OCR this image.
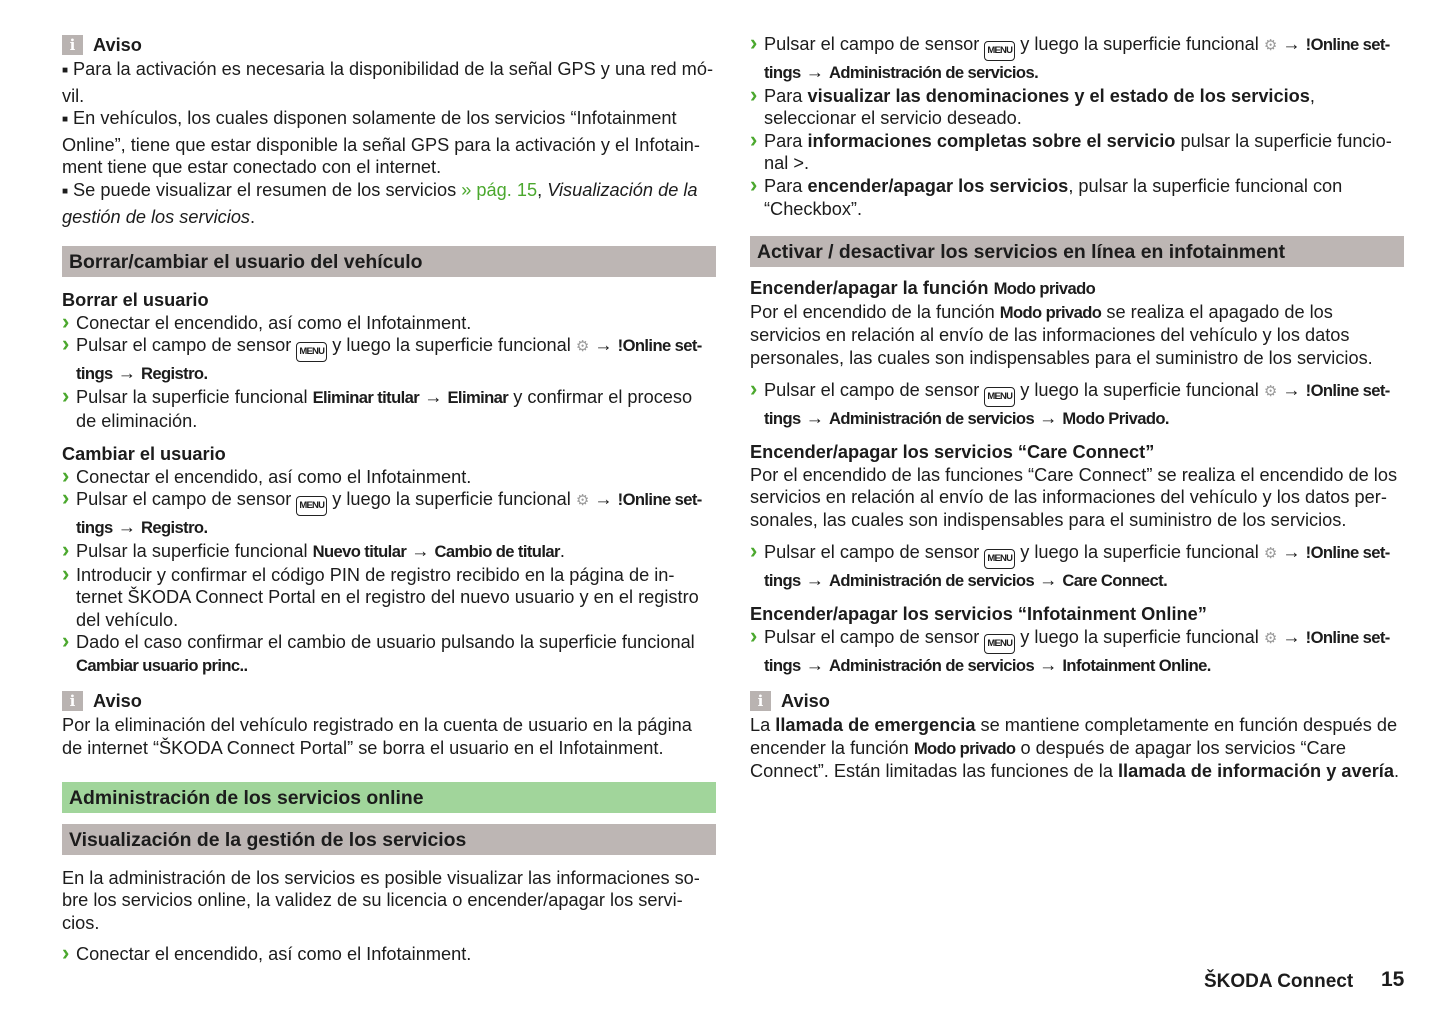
i Aviso

■ Para la activación es necesaria la disponibilidad de la señal GPS y una red mó-vil.

■ En vehículos, los cuales disponen solamente de los servicios “Infotainment Online”, tiene que estar disponible la señal GPS para la activación y el Infotain-ment tiene que estar conectado con el internet.

■ Se puede visualizar el resumen de los servicios » pág. 15, Visualización de la gestión de los servicios.

Borrar/cambiar el usuario del vehículo

Borrar el usuario

› Conectar el encendido, así como el Infotainment.

› Pulsar el campo de sensor MENU y luego la superficie funcional ⚙ → !Online set-tings → Registro.

› Pulsar la superficie funcional Eliminar titular → Eliminar y confirmar el proceso de eliminación.

Cambiar el usuario

› Conectar el encendido, así como el Infotainment.

› Pulsar el campo de sensor MENU y luego la superficie funcional ⚙ → !Online set-tings → Registro.

› Pulsar la superficie funcional Nuevo titular → Cambio de titular.

› Introducir y confirmar el código PIN de registro recibido en la página de in-ternet ŠKODA Connect Portal en el registro del nuevo usuario y en el registro del vehículo.

› Dado el caso confirmar el cambio de usuario pulsando la superficie funcional Cambiar usuario princ..

i Aviso

Por la eliminación del vehículo registrado en la cuenta de usuario en la página de internet “ŠKODA Connect Portal” se borra el usuario en el Infotainment.

Administración de los servicios online
Visualización de la gestión de los servicios

En la administración de los servicios es posible visualizar las informaciones so-bre los servicios online, la validez de su licencia o encender/apagar los servi-cios.

› Conectar el encendido, así como el Infotainment.

› Pulsar el campo de sensor MENU y luego la superficie funcional ⚙ → !Online set-tings → Administración de servicios.

› Para visualizar las denominaciones y el estado de los servicios, seleccionar el servicio deseado.

› Para informaciones completas sobre el servicio pulsar la superficie funcio-nal >.

› Para encender/apagar los servicios, pulsar la superficie funcional con “Checkbox”.

Activar / desactivar los servicios en línea en infotainment

Encender/apagar la función Modo privado

Por el encendido de la función Modo privado se realiza el apagado de los servicios en relación al envío de las informaciones del vehículo y los datos personales, las cuales son indispensables para el suministro de los servicios.

› Pulsar el campo de sensor MENU y luego la superficie funcional ⚙ → !Online set-tings → Administración de servicios → Modo Privado.

Encender/apagar los servicios “Care Connect”

Por el encendido de las funciones “Care Connect” se realiza el encendido de los servicios en relación al envío de las informaciones del vehículo y los datos per-sonales, las cuales son indispensables para el suministro de los servicios.

› Pulsar el campo de sensor MENU y luego la superficie funcional ⚙ → !Online set-tings → Administración de servicios → Care Connect.

Encender/apagar los servicios “Infotainment Online”

› Pulsar el campo de sensor MENU y luego la superficie funcional ⚙ → !Online set-tings → Administración de servicios → Infotainment Online.

i Aviso

La llamada de emergencia se mantiene completamente en función después de encender la función Modo privado o después de apagar los servicios “Care Connect”. Están limitadas las funciones de la llamada de información y avería.

ŠKODA Connect 15
